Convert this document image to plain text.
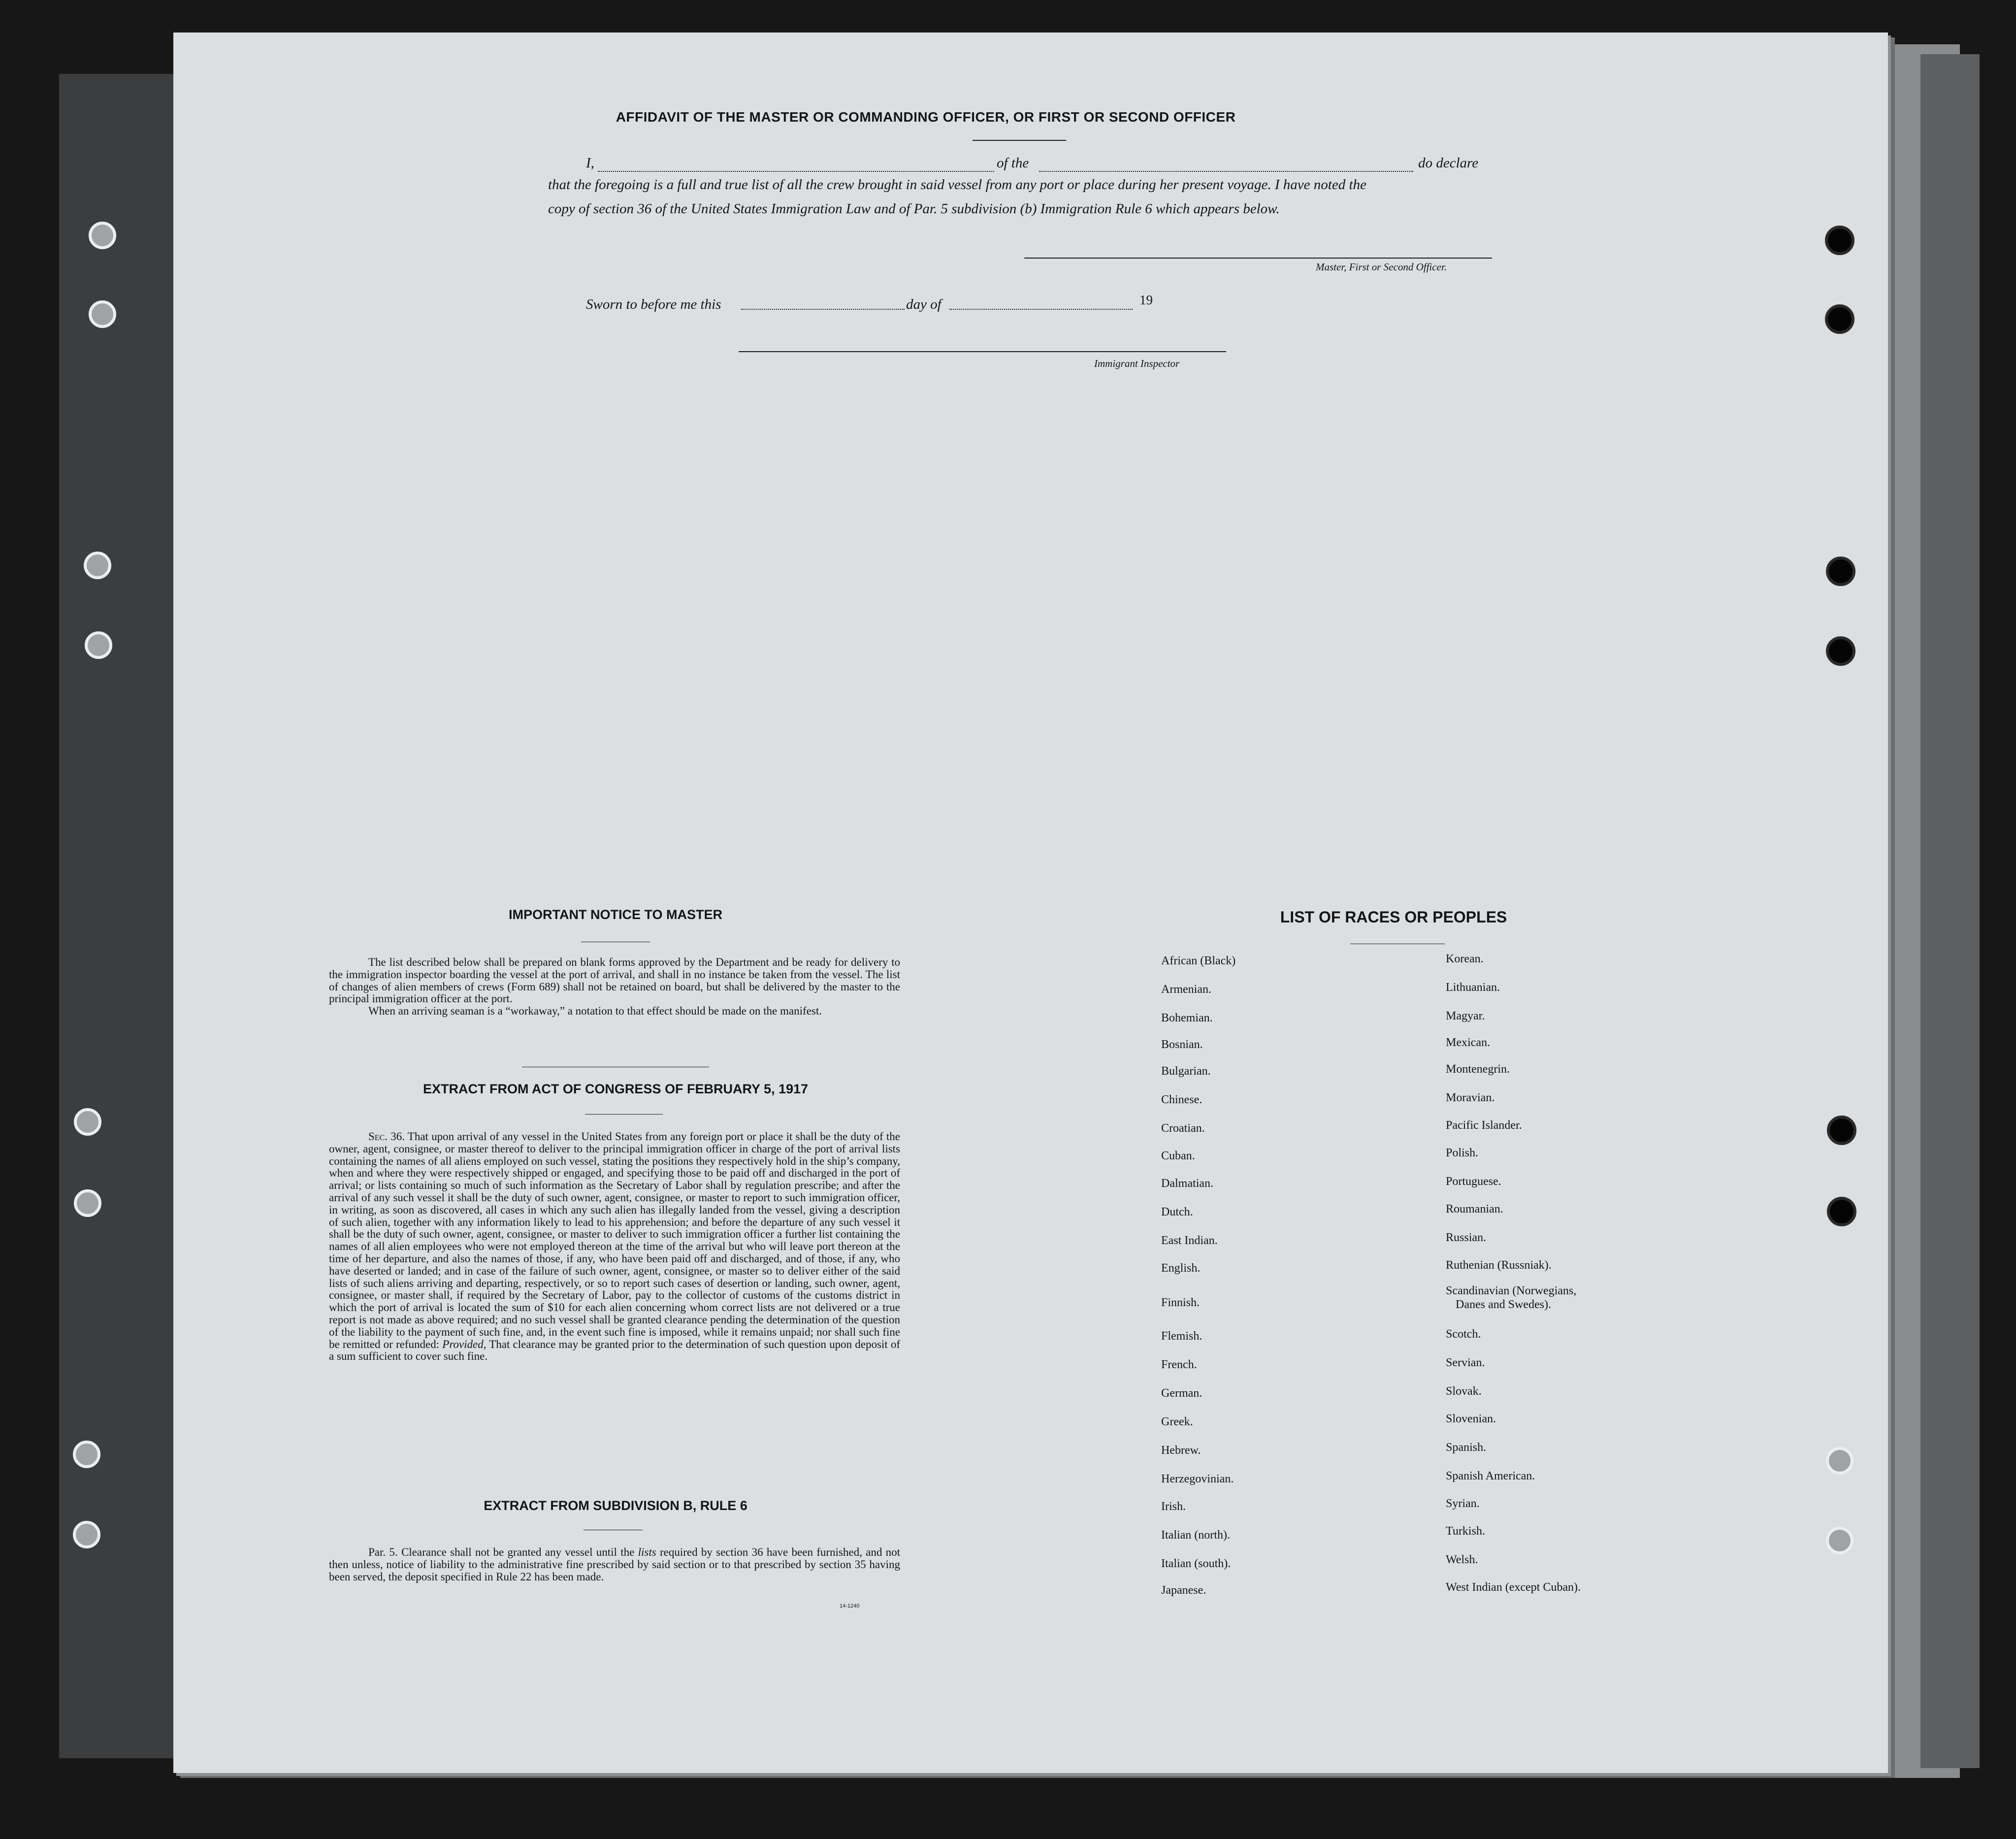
AFFIDAVIT OF THE MASTER OR COMMANDING OFFICER, OR FIRST OR SECOND OFFICER
I,	of the	do declare
that the foregoing is a full and true list of all the crew brought in said vessel from any port or place during her present voyage. I have noted the
copy of section 36 of the United States Immigration Law and of Par. 5 subdivision (b) Immigration Rule 6 which appears below.
Master, First or Second Officer.
Sworn to before me this	day of	19
Immigrant Inspector
IMPORTANT NOTICE TO MASTER

The list described below shall be prepared on blank forms approved by the Department and be ready for delivery to the immigration inspector boarding the vessel at the port of arrival, and shall in no instance be taken from the vessel. The list of changes of alien members of crews (Form 689) shall not be retained on board, but shall be delivered by the master to the principal immigration officer at the port.

When an arriving seaman is a “workaway,” a notation to that effect should be made on the manifest.

EXTRACT FROM ACT OF CONGRESS OF FEBRUARY 5, 1917

Sec. 36. That upon arrival of any vessel in the United States from any foreign port or place it shall be the duty of the owner, agent, consignee, or master thereof to deliver to the principal immigration officer in charge of the port of arrival lists containing the names of all aliens employed on such vessel, stating the positions they respectively hold in the ship’s company, when and where they were respectively shipped or engaged, and specifying those to be paid off and discharged in the port of arrival; or lists containing so much of such information as the Secretary of Labor shall by regulation prescribe; and after the arrival of any such vessel it shall be the duty of such owner, agent, consignee, or master to report to such immigration officer, in writing, as soon as discovered, all cases in which any such alien has illegally landed from the vessel, giving a description of such alien, together with any information likely to lead to his apprehension; and before the departure of any such vessel it shall be the duty of such owner, agent, consignee, or master to deliver to such immigration officer a further list containing the names of all alien employees who were not employed thereon at the time of the arrival but who will leave port thereon at the time of her departure, and also the names of those, if any, who have been paid off and discharged, and of those, if any, who have deserted or landed; and in case of the failure of such owner, agent, consignee, or master so to deliver either of the said lists of such aliens arriving and departing, respectively, or so to report such cases of desertion or landing, such owner, agent, consignee, or master shall, if required by the Secretary of Labor, pay to the collector of customs of the customs district in which the port of arrival is located the sum of $10 for each alien concerning whom correct lists are not delivered or a true report is not made as above required; and no such vessel shall be granted clearance pending the determination of the question of the liability to the payment of such fine, and, in the event such fine is imposed, while it remains unpaid; nor shall such fine be remitted or refunded: Provided, That clearance may be granted prior to the determination of such question upon deposit of a sum sufficient to cover such fine.

EXTRACT FROM SUBDIVISION B, RULE 6

Par. 5. Clearance shall not be granted any vessel until the lists required by section 36 have been furnished, and not then unless, notice of liability to the administrative fine prescribed by said section or to that prescribed by section 35 having been served, the deposit specified in Rule 22 has been made.

14-1240
LIST OF RACES OR PEOPLES
African (Black)
Armenian.
Bohemian.
Bosnian.
Bulgarian.
Chinese.
Croatian.
Cuban.
Dalmatian.
Dutch.
East Indian.
English.
Finnish.
Flemish.
French.
German.
Greek.
Hebrew.
Herzegovinian.
Irish.
Italian (north).
Italian (south).
Japanese.
Korean.
Lithuanian.
Magyar.
Mexican.
Montenegrin.
Moravian.
Pacific Islander.
Polish.
Portuguese.
Roumanian.
Russian.
Ruthenian (Russniak).
Scandinavian (Norwegians,
Danes and Swedes).
Scotch.
Servian.
Slovak.
Slovenian.
Spanish.
Spanish American.
Syrian.
Turkish.
Welsh.
West Indian (except Cuban).
